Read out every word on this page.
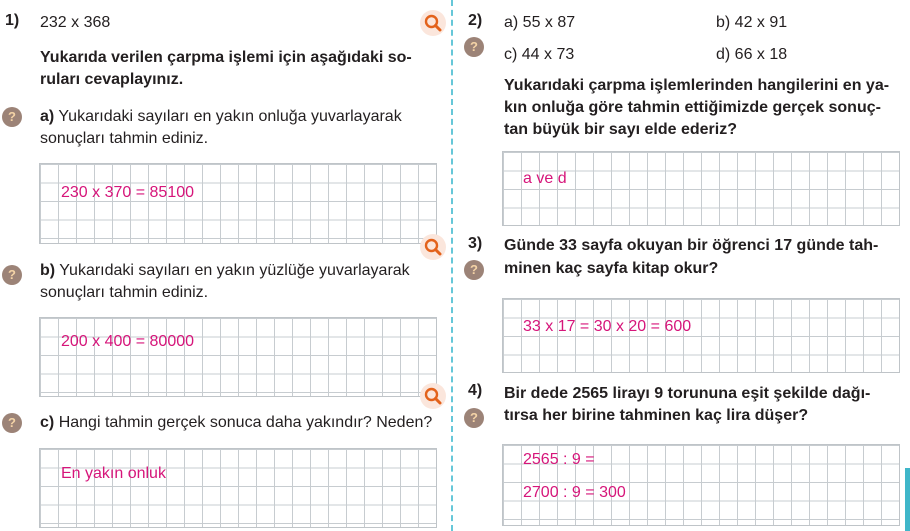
1) 232 x 368
Yukarıda verilen çarpma işlemi için aşağıdaki so-
ruları cevaplayınız.
?	a) Yukarıdaki sayıları en yakın onluğa yuvarlayarak
sonuçları tahmin ediniz.
230 x 370 = 85100
?	b) Yukarıdaki sayıları en yakın yüzlüğe yuvarlayarak
sonuçları tahmin ediniz.
200 x 400 = 80000
?	c) Hangi tahmin gerçek sonuca daha yakındır? Neden?
En yakın onluk
2)
?
a) 55 x 87	b) 42 x 91
c) 44 x 73	d) 66 x 18
Yukarıdaki çarpma işlemlerinden hangilerini en ya-
kın onluğa göre tahmin ettiğimizde gerçek sonuç-
tan büyük bir sayı elde ederiz?
a ve d
3)
?
Günde 33 sayfa okuyan bir öğrenci 17 günde tah-
minen kaç sayfa kitap okur?
33 x 17 = 30 x 20 = 600
4)
?
Bir dede 2565 lirayı 9 torununa eşit şekilde dağı-
tırsa her birine tahminen kaç lira düşer?
2565 : 9 =
2700 : 9 = 300
